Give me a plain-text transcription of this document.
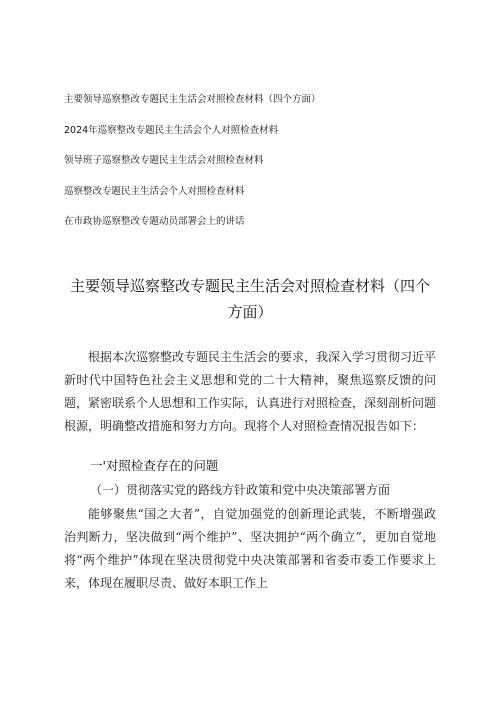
主要领导巡察整改专题民主生活会对照检查材料（四个方面）
2024年巡察整改专题民主生活会个人对照检查材料
领导班子巡察整改专题民主生活会对照检查材料
巡察整改专题民主生活会个人对照检查材料
在市政协巡察整改专题动员部署会上的讲话
主要领导巡察整改专题民主生活会对照检查材料（四个
方面）

根据本次巡察整改专题民主生活会的要求，我深入学习贯彻习近平新时代中国特色社会主义思想和党的二十大精神，聚焦巡察反馈的问题，紧密联系个人思想和工作实际，认真进行对照检查，深刻剖析问题根源，明确整改措施和努力方向。现将个人对照检查情况报告如下：

一'对照检查存在的问题
（一）贯彻落实党的路线方针政策和党中央决策部署方面

能够聚焦“国之大者”，自觉加强党的创新理论武装，不断增强政治判断力，坚决做到“两个维护”、坚决拥护“两个确立”，更加自觉地将“两个维护”体现在坚决贯彻党中央决策部署和省委市委工作要求上来，体现在履职尽责、做好本职工作上
